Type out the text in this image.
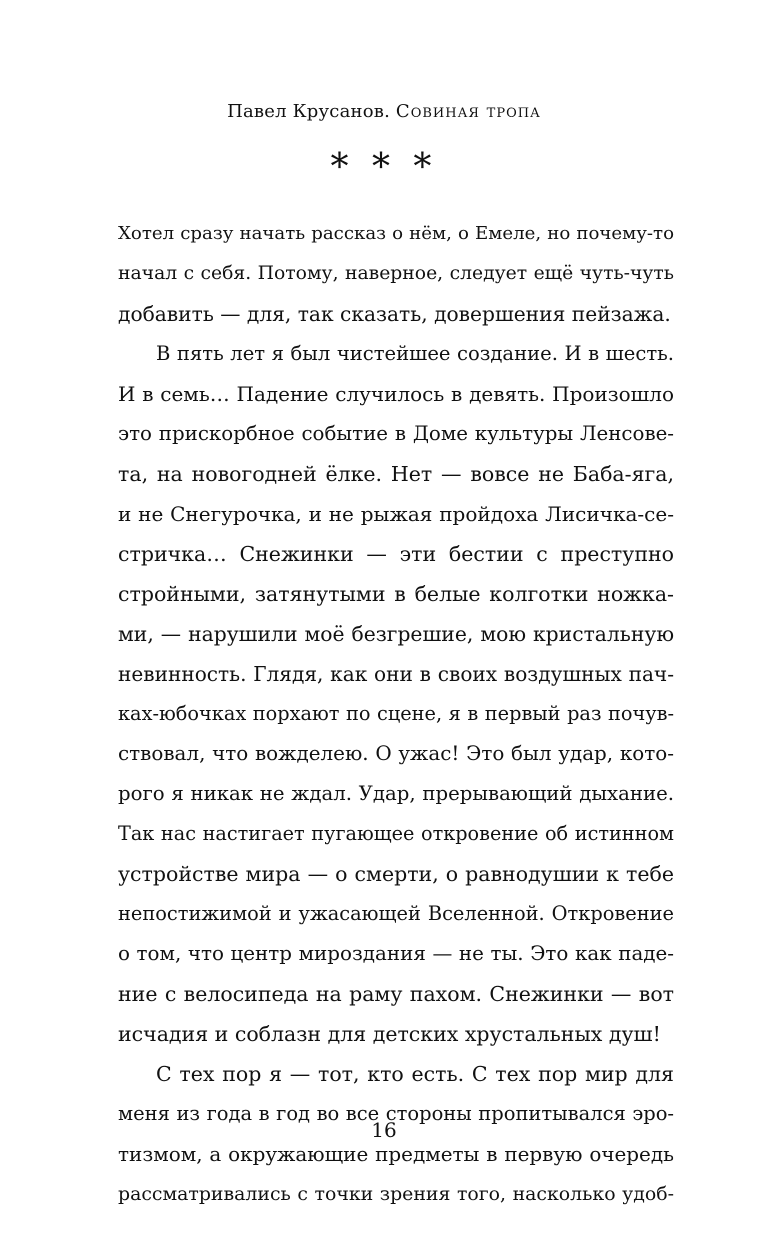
Павел Крусанов. Совиная тропа
* * *
Хотел сразу начать рассказ о нём, о Емеле, но почему-то
начал с себя. Потому, наверное, следует ещё чуть-чуть
добавить — для, так сказать, довершения пейзажа.
В пять лет я был чистейшее создание. И в шесть.
И в семь… Падение случилось в девять. Произошло
это прискорбное событие в Доме культуры Ленсове-
та, на новогодней ёлке. Нет — вовсе не Баба-яга,
и не Снегурочка, и не рыжая пройдоха Лисичка-се-
стричка… Снежинки — эти бестии с преступно
стройными, затянутыми в белые колготки ножка-
ми, — нарушили моё безгрешие, мою кристальную
невинность. Глядя, как они в своих воздушных пач-
ках-юбочках порхают по сцене, я в первый раз почув-
ствовал, что вожделею. О ужас! Это был удар, кото-
рого я никак не ждал. Удар, прерывающий дыхание.
Так нас настигает пугающее откровение об истинном
устройстве мира — о смерти, о равнодушии к тебе
непостижимой и ужасающей Вселенной. Откровение
о том, что центр мироздания — не ты. Это как паде-
ние с велосипеда на раму пахом. Снежинки — вот
исчадия и соблазн для детских хрустальных душ!
С тех пор я — тот, кто есть. С тех пор мир для
меня из года в год во все стороны пропитывался эро-
тизмом, а окружающие предметы в первую очередь
рассматривались с точки зрения того, насколько удоб-
16
